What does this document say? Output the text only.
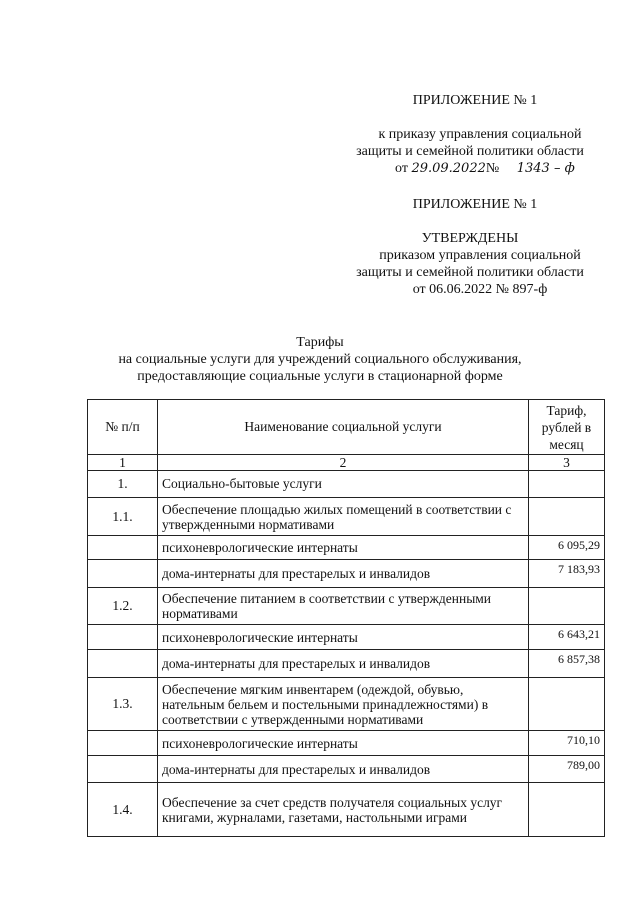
ПРИЛОЖЕНИЕ № 1
к приказу управления социальной
защиты и семейной политики области
от 29.09.2022№ 1343 – ф
ПРИЛОЖЕНИЕ № 1
УТВЕРЖДЕНЫ
приказом управления социальной
защиты и семейной политики области
от 06.06.2022 № 897-ф
Тарифы
на социальные услуги для учреждений социального обслуживания,
предоставляющие социальные услуги в стационарной форме
№ п/п	Наименование социальной услуги	Тариф, рублей в месяц
1	2	3
1.	Социально-бытовые услуги	
1.1.	Обеспечение площадью жилых помещений в соответствии с утвержденными нормативами	
	психоневрологические интернаты	6 095,29
	дома-интернаты для престарелых и инвалидов	7 183,93
1.2.	Обеспечение питанием в соответствии с утвержденными нормативами	
	психоневрологические интернаты	6 643,21
	дома-интернаты для престарелых и инвалидов	6 857,38
1.3.	Обеспечение мягким инвентарем (одеждой, обувью, нательным бельем и постельными принадлежностями) в соответствии с утвержденными нормативами	
	психоневрологические интернаты	710,10
	дома-интернаты для престарелых и инвалидов	789,00
1.4.	Обеспечение за счет средств получателя социальных услуг книгами, журналами, газетами, настольными играми	
